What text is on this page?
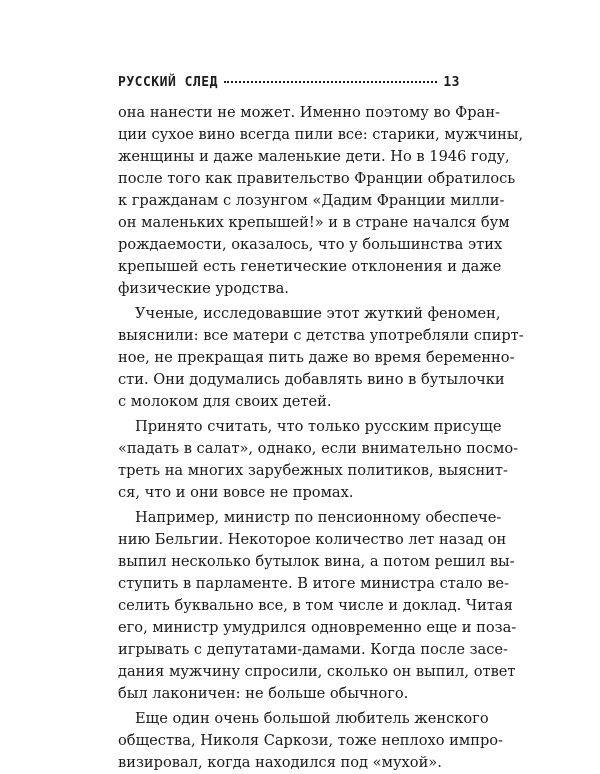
РУССКИЙ СЛЕД	13

она нанести не может. Именно поэтому во Фран-
ции сухое вино всегда пили все: старики, мужчины,
женщины и даже маленькие дети. Но в 1946 году,
после того как правительство Франции обратилось
к гражданам с лозунгом «Дадим Франции милли-
он маленьких крепышей!» и в стране начался бум
рождаемости, оказалось, что у большинства этих
крепышей есть генетические отклонения и даже
физические уродства.

Ученые, исследовавшие этот жуткий феномен,
выяснили: все матери с детства употребляли спирт-
ное, не прекращая пить даже во время беременно-
сти. Они додумались добавлять вино в бутылочки
с молоком для своих детей.

Принято считать, что только русским присуще
«падать в салат», однако, если внимательно посмо-
треть на многих зарубежных политиков, выяснит-
ся, что и они вовсе не промах.

Например, министр по пенсионному обеспече-
нию Бельгии. Некоторое количество лет назад он
выпил несколько бутылок вина, а потом решил вы-
ступить в парламенте. В итоге министра стало ве-
селить буквально все, в том числе и доклад. Читая
его, министр умудрился одновременно еще и поза-
игрывать с депутатами-дамами. Когда после засе-
дания мужчину спросили, сколько он выпил, ответ
был лаконичен: не больше обычного.

Еще один очень большой любитель женского
общества, Николя Саркози, тоже неплохо импро-
визировал, когда находился под «мухой».
